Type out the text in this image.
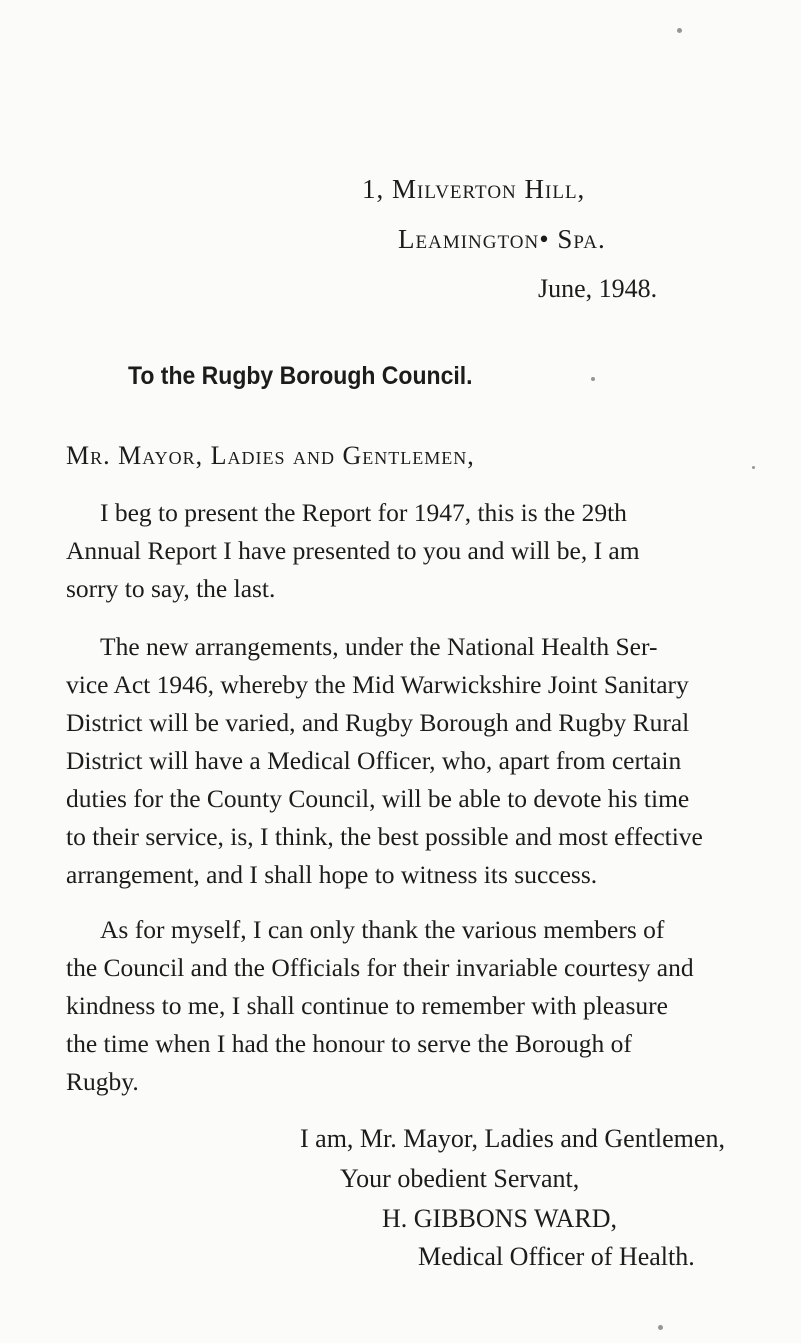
1, Milverton Hill,

Leamington• Spa.

June, 1948.

To the Rugby Borough Council.

Mr. Mayor, Ladies and Gentlemen,

I beg to present the Report for 1947, this is the 29th
Annual Report I have presented to you and will be, I am
sorry to say, the last.
The new arrangements, under the National Health Ser-
vice Act 1946, whereby the Mid Warwickshire Joint Sanitary
District will be varied, and Rugby Borough and Rugby Rural
District will have a Medical Officer, who, apart from certain
duties for the County Council, will be able to devote his time
to their service, is, I think, the best possible and most effective
arrangement, and I shall hope to witness its success.
As for myself, I can only thank the various members of
the Council and the Officials for their invariable courtesy and
kindness to me, I shall continue to remember with pleasure
the time when I had the honour to serve the Borough of
Rugby.

I am, Mr. Mayor, Ladies and Gentlemen,

Your obedient Servant,

H. GIBBONS WARD,

Medical Officer of Health.
